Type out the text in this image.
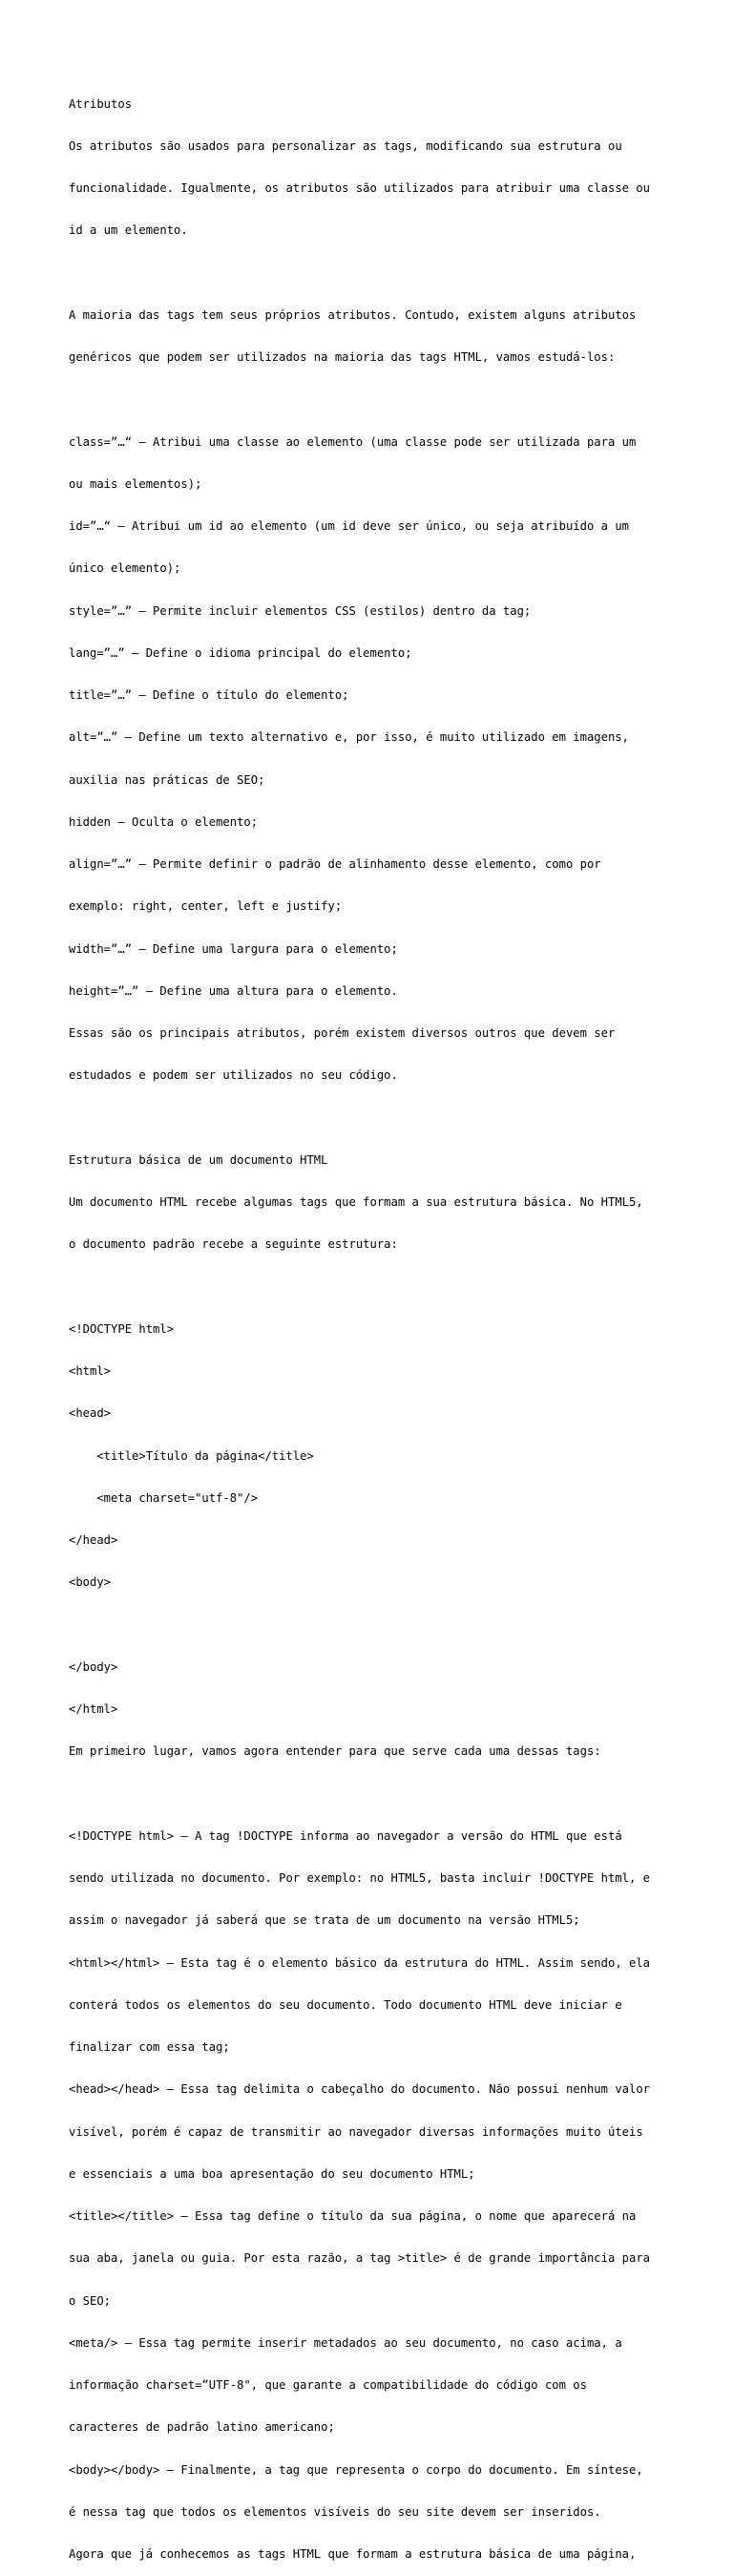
Atributos

Os atributos são usados para personalizar as tags, modificando sua estrutura ou

funcionalidade. Igualmente, os atributos são utilizados para atribuir uma classe ou

id a um elemento.

A maioria das tags tem seus próprios atributos. Contudo, existem alguns atributos

genéricos que podem ser utilizados na maioria das tags HTML, vamos estudá-los:

class=”…“ – Atribui uma classe ao elemento (uma classe pode ser utilizada para um

ou mais elementos);

id=”…“ – Atribui um id ao elemento (um id deve ser único, ou seja atribuído a um

único elemento);

style=”…” – Permite incluir elementos CSS (estilos) dentro da tag;

lang=”…” – Define o idioma principal do elemento;

title=”…” – Define o título do elemento;

alt=”…” – Define um texto alternativo e, por isso, é muito utilizado em imagens,

auxilia nas práticas de SEO;

hidden – Oculta o elemento;

align=”…” – Permite definir o padrão de alinhamento desse elemento, como por

exemplo: right, center, left e justify;

width=”…” – Define uma largura para o elemento;

height=”…” – Define uma altura para o elemento.

Essas são os principais atributos, porém existem diversos outros que devem ser

estudados e podem ser utilizados no seu código.

Estrutura básica de um documento HTML

Um documento HTML recebe algumas tags que formam a sua estrutura básica. No HTML5,

o documento padrão recebe a seguinte estrutura:

<!DOCTYPE html>

<html>

<head>

<title>Título da página</title>

<meta charset="utf-8"/>

</head>

<body>

</body>

</html>

Em primeiro lugar, vamos agora entender para que serve cada uma dessas tags:

<!DOCTYPE html> – A tag !DOCTYPE informa ao navegador a versão do HTML que está

sendo utilizada no documento. Por exemplo: no HTML5, basta incluir !DOCTYPE html, e

assim o navegador já saberá que se trata de um documento na versão HTML5;

<html></html> – Esta tag é o elemento básico da estrutura do HTML. Assim sendo, ela

conterá todos os elementos do seu documento. Todo documento HTML deve iniciar e

finalizar com essa tag;

<head></head> – Essa tag delimita o cabeçalho do documento. Não possui nenhum valor

visível, porém é capaz de transmitir ao navegador diversas informações muito úteis

e essenciais a uma boa apresentação do seu documento HTML;

<title></title> – Essa tag define o título da sua página, o nome que aparecerá na

sua aba, janela ou guia. Por esta razão, a tag >title> é de grande importância para

o SEO;

<meta/> – Essa tag permite inserir metadados ao seu documento, no caso acima, a

informação charset=”UTF-8", que garante a compatibilidade do código com os

caracteres de padrão latino americano;

<body></body> – Finalmente, a tag que representa o corpo do documento. Em síntese,

é nessa tag que todos os elementos visíveis do seu site devem ser inseridos.

Agora que já conhecemos as tags HTML que formam a estrutura básica de uma página,
